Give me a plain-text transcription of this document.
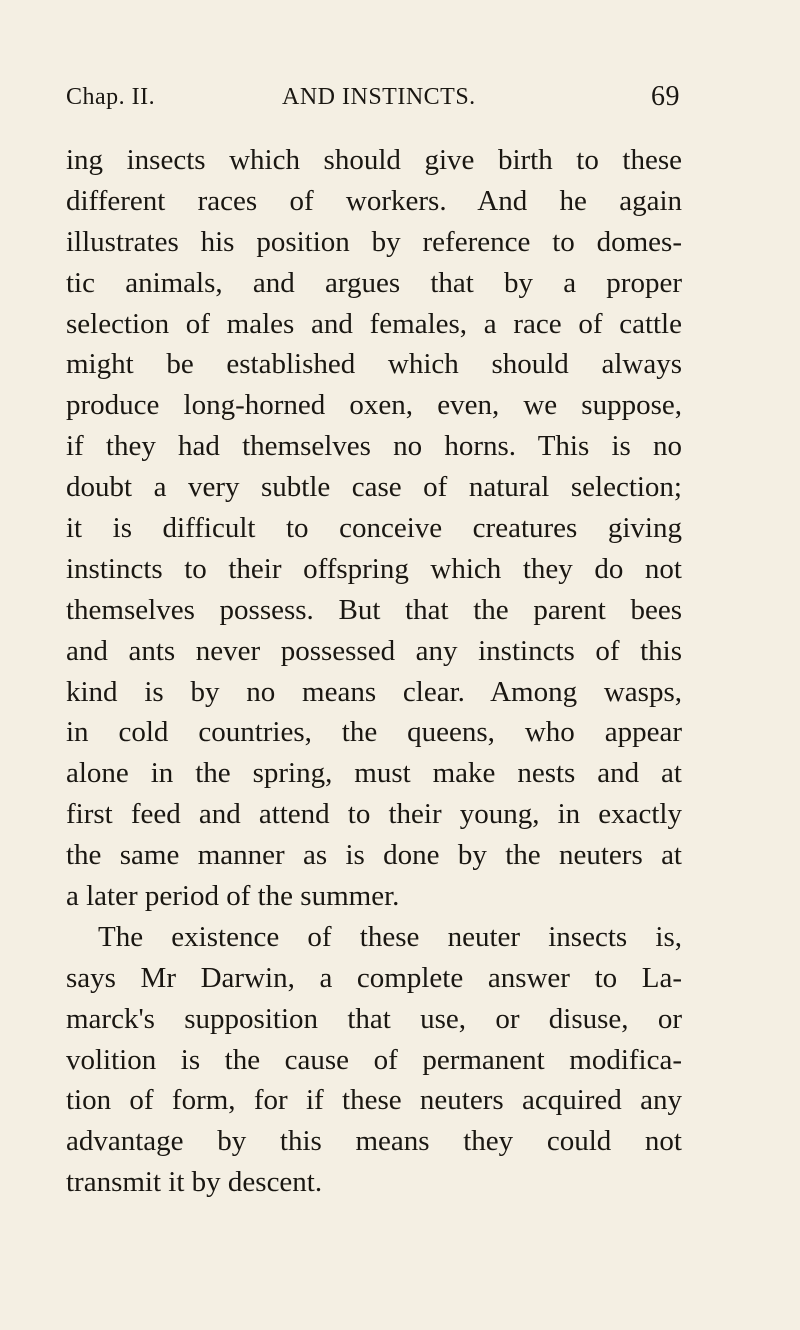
Chap. II.	AND INSTINCTS.	69
ing insects which should give birth to these
different races of workers. And he again
illustrates his position by reference to domes-
tic animals, and argues that by a proper
selection of males and females, a race of cattle
might be established which should always
produce long-horned oxen, even, we suppose,
if they had themselves no horns. This is no
doubt a very subtle case of natural selection;
it is difficult to conceive creatures giving
instincts to their offspring which they do not
themselves possess. But that the parent bees
and ants never possessed any instincts of this
kind is by no means clear. Among wasps,
in cold countries, the queens, who appear
alone in the spring, must make nests and at
first feed and attend to their young, in exactly
the same manner as is done by the neuters at
a later period of the summer.
The existence of these neuter insects is,
says Mr Darwin, a complete answer to La-
marck's supposition that use, or disuse, or
volition is the cause of permanent modifica-
tion of form, for if these neuters acquired any
advantage by this means they could not
transmit it by descent.
